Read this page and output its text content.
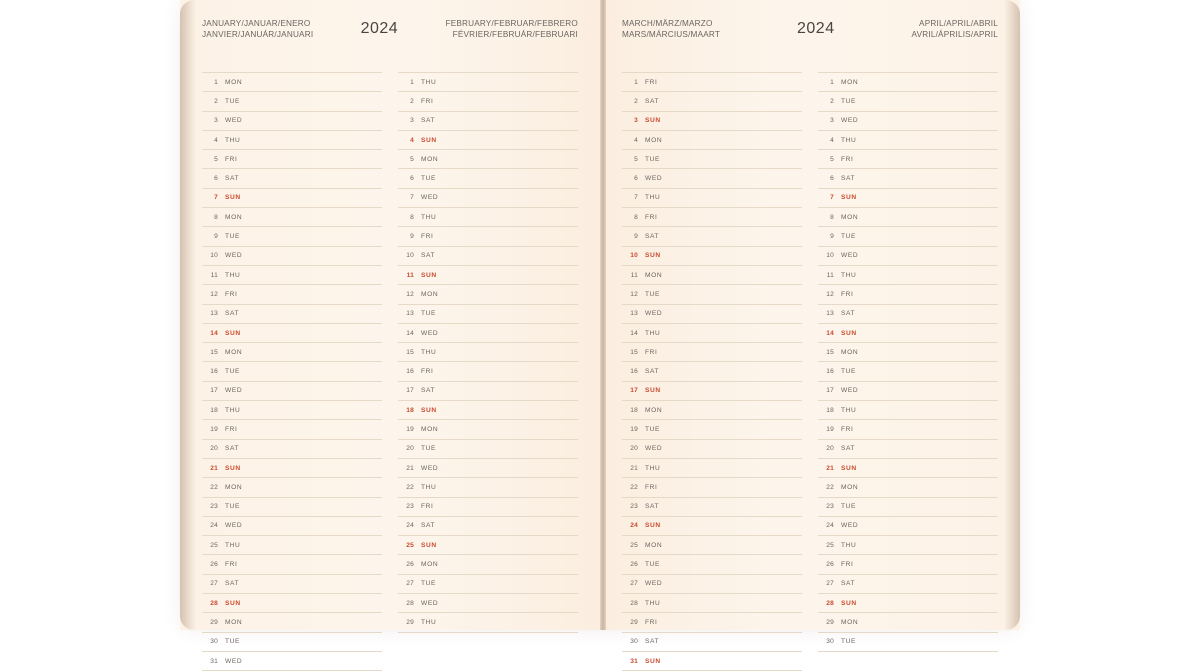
JANUARY/JANUAR/ENERO
JANVIER/JANUÁR/JANUARI	2024	FEBRUARY/FEBRUAR/FEBRERO
FÉVRIER/FEBRUÁR/FEBRUARI
1	MON
2	TUE
3	WED
4	THU
5	FRI
6	SAT
7	SUN
8	MON
9	TUE
10	WED
11	THU
12	FRI
13	SAT
14	SUN
15	MON
16	TUE
17	WED
18	THU
19	FRI
20	SAT
21	SUN
22	MON
23	TUE
24	WED
25	THU
26	FRI
27	SAT
28	SUN
29	MON
30	TUE
31	WED
1	THU
2	FRI
3	SAT
4	SUN
5	MON
6	TUE
7	WED
8	THU
9	FRI
10	SAT
11	SUN
12	MON
13	TUE
14	WED
15	THU
16	FRI
17	SAT
18	SUN
19	MON
20	TUE
21	WED
22	THU
23	FRI
24	SAT
25	SUN
26	MON
27	TUE
28	WED
29	THU
MARCH/MÄRZ/MARZO
MARS/MÁRCIUS/MAART	2024	APRIL/APRIL/ABRIL
AVRIL/ÁPRILIS/APRIL
1	FRI
2	SAT
3	SUN
4	MON
5	TUE
6	WED
7	THU
8	FRI
9	SAT
10	SUN
11	MON
12	TUE
13	WED
14	THU
15	FRI
16	SAT
17	SUN
18	MON
19	TUE
20	WED
21	THU
22	FRI
23	SAT
24	SUN
25	MON
26	TUE
27	WED
28	THU
29	FRI
30	SAT
31	SUN
1	MON
2	TUE
3	WED
4	THU
5	FRI
6	SAT
7	SUN
8	MON
9	TUE
10	WED
11	THU
12	FRI
13	SAT
14	SUN
15	MON
16	TUE
17	WED
18	THU
19	FRI
20	SAT
21	SUN
22	MON
23	TUE
24	WED
25	THU
26	FRI
27	SAT
28	SUN
29	MON
30	TUE
